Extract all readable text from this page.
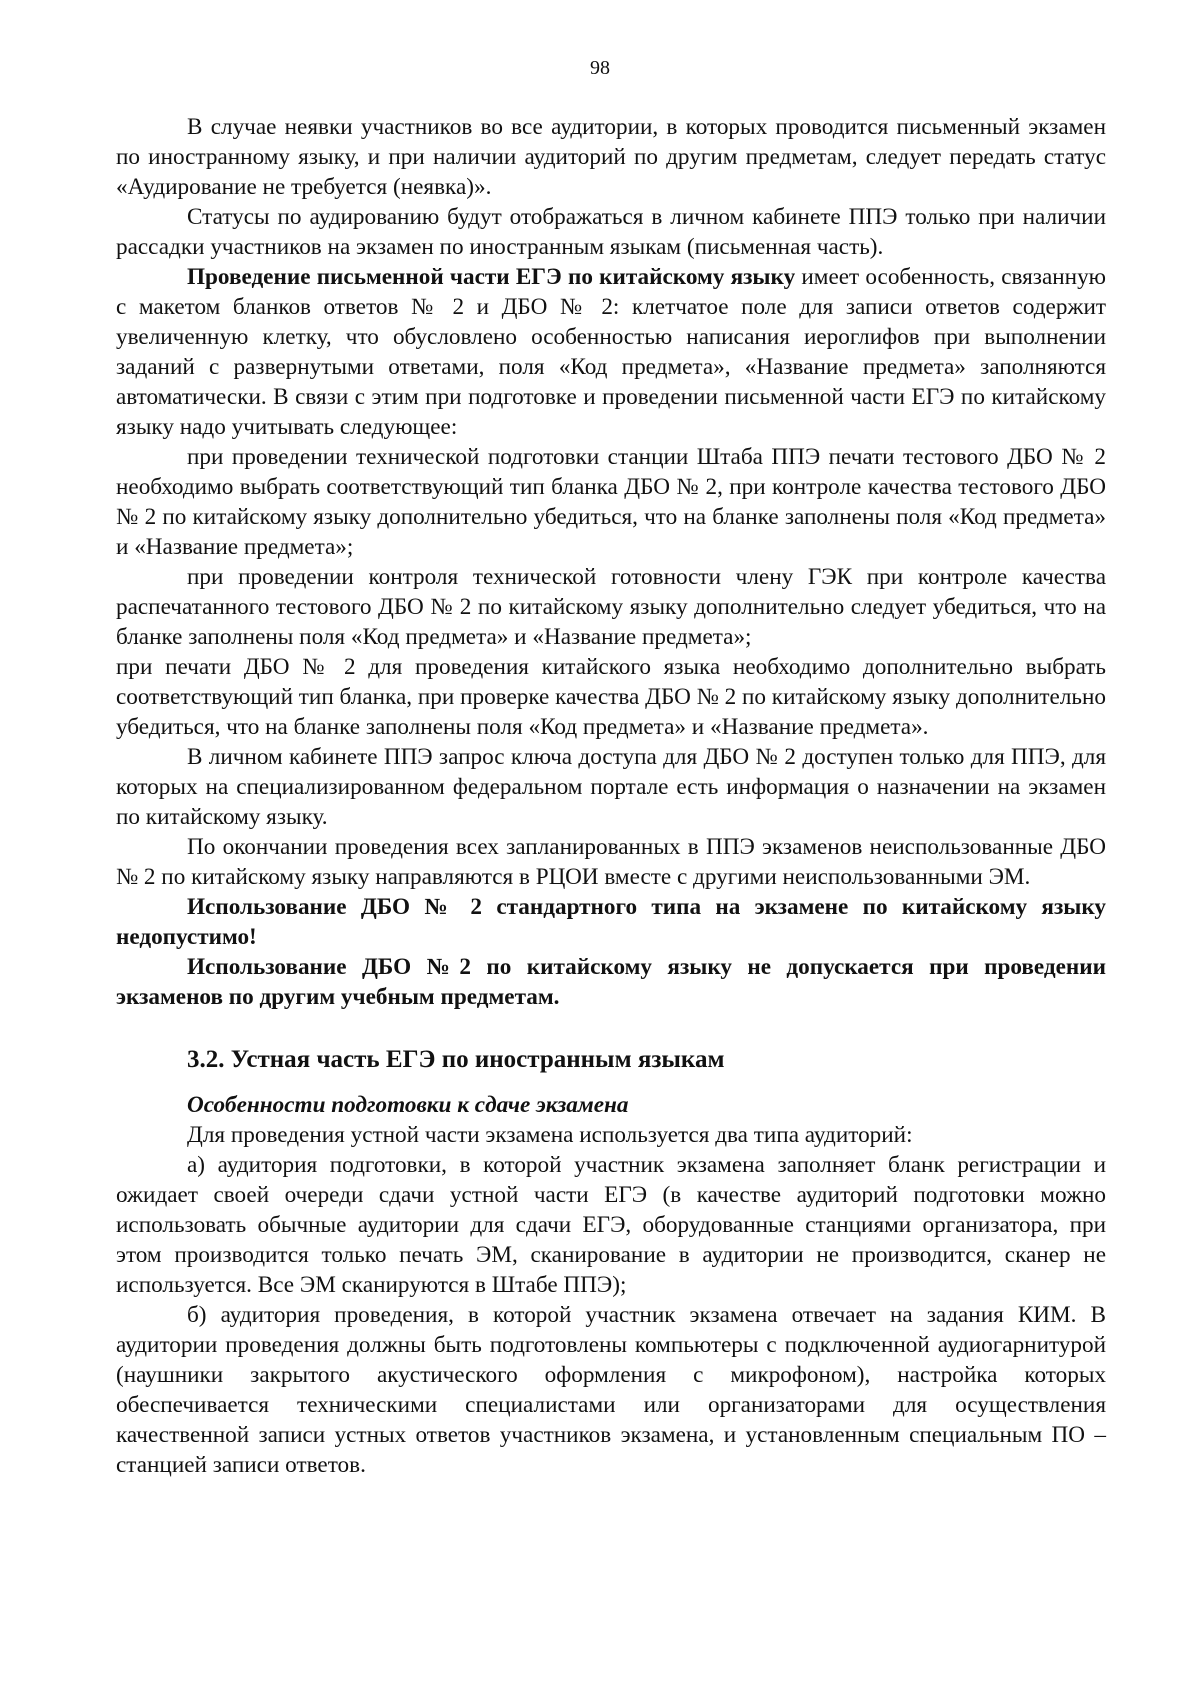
98

В случае неявки участников во все аудитории, в которых проводится письменный экзамен по иностранному языку, и при наличии аудиторий по другим предметам, следует передать статус «Аудирование не требуется (неявка)».

Статусы по аудированию будут отображаться в личном кабинете ППЭ только при наличии рассадки участников на экзамен по иностранным языкам (письменная часть).

Проведение письменной части ЕГЭ по китайскому языку имеет особенность, связанную с макетом бланков ответов № 2 и ДБО № 2: клетчатое поле для записи ответов содержит увеличенную клетку, что обусловлено особенностью написания иероглифов при выполнении заданий с развернутыми ответами, поля «Код предмета», «Название предмета» заполняются автоматически. В связи с этим при подготовке и проведении письменной части ЕГЭ по китайскому языку надо учитывать следующее:

при проведении технической подготовки станции Штаба ППЭ печати тестового ДБО № 2 необходимо выбрать соответствующий тип бланка ДБО № 2, при контроле качества тестового ДБО № 2 по китайскому языку дополнительно убедиться, что на бланке заполнены поля «Код предмета» и «Название предмета»;

при проведении контроля технической готовности члену ГЭК при контроле качества распечатанного тестового ДБО № 2 по китайскому языку дополнительно следует убедиться, что на бланке заполнены поля «Код предмета» и «Название предмета»;

при печати ДБО № 2 для проведения китайского языка необходимо дополнительно выбрать соответствующий тип бланка, при проверке качества ДБО № 2 по китайскому языку дополнительно убедиться, что на бланке заполнены поля «Код предмета» и «Название предмета».

В личном кабинете ППЭ запрос ключа доступа для ДБО № 2 доступен только для ППЭ, для которых на специализированном федеральном портале есть информация о назначении на экзамен по китайскому языку.

По окончании проведения всех запланированных в ППЭ экзаменов неиспользованные ДБО № 2 по китайскому языку направляются в РЦОИ вместе с другими неиспользованными ЭМ.

Использование ДБО № 2 стандартного типа на экзамене по китайскому языку недопустимо!

Использование ДБО №2 по китайскому языку не допускается при проведении экзаменов по другим учебным предметам.

3.2. Устная часть ЕГЭ по иностранным языкам
Особенности подготовки к сдаче экзамена

Для проведения устной части экзамена используется два типа аудиторий:

а) аудитория подготовки, в которой участник экзамена заполняет бланк регистрации и ожидает своей очереди сдачи устной части ЕГЭ (в качестве аудиторий подготовки можно использовать обычные аудитории для сдачи ЕГЭ, оборудованные станциями организатора, при этом производится только печать ЭМ, сканирование в аудитории не производится, сканер не используется. Все ЭМ сканируются в Штабе ППЭ);

б) аудитория проведения, в которой участник экзамена отвечает на задания КИМ. В аудитории проведения должны быть подготовлены компьютеры с подключенной аудиогарнитурой (наушники закрытого акустического оформления с микрофоном), настройка которых обеспечивается техническими специалистами или организаторами для осуществления качественной записи устных ответов участников экзамена, и установленным специальным ПО – станцией записи ответов.
